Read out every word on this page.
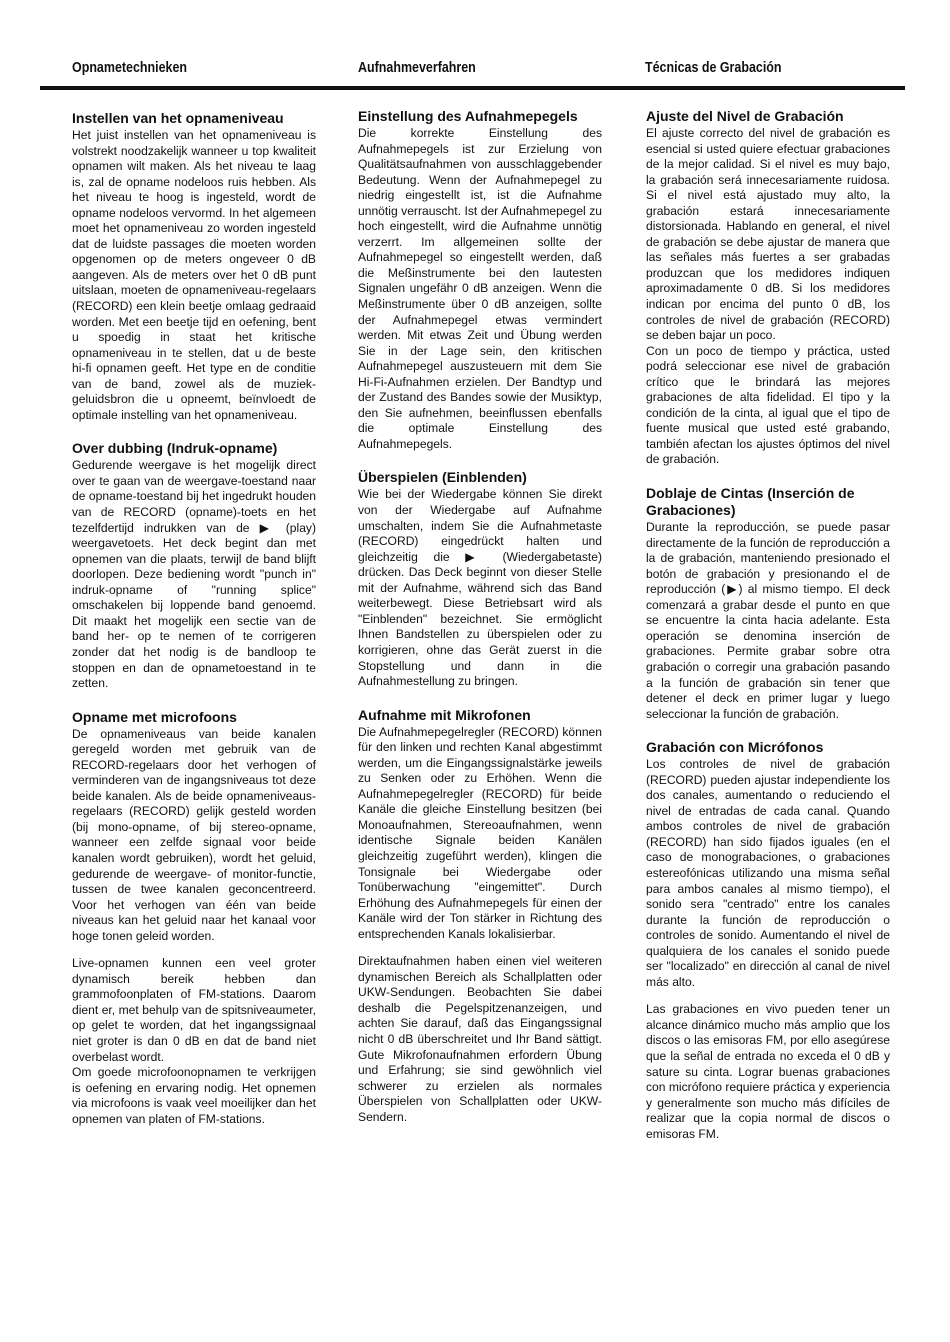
Opnametechnieken	Aufnahmeverfahren	Técnicas de Grabación
Instellen van het opnameniveau

Het juist instellen van het opnameniveau is volstrekt noodzakelijk wanneer u top kwaliteit opnamen wilt maken. Als het niveau te laag is, zal de opname nodeloos ruis hebben. Als het niveau te hoog is ingesteld, wordt de opname nodeloos vervormd. In het algemeen moet het opnameniveau zo worden ingesteld dat de luidste passages die moeten worden opgenomen op de meters ongeveer 0 dB aangeven. Als de meters over het 0 dB punt uitslaan, moeten de opnameniveau-regelaars (RECORD) een klein beetje omlaag gedraaid worden. Met een beetje tijd en oefening, bent u spoedig in staat het kritische opnameniveau in te stellen, dat u de beste hi-fi opnamen geeft. Het type en de conditie van de band, zowel als de muziek-geluidsbron die u opneemt, beïnvloedt de optimale instelling van het opnameniveau.

Over dubbing (Indruk-opname)

Gedurende weergave is het mogelijk direct over te gaan van de weergave-toestand naar de opname-toestand bij het ingedrukt houden van de RECORD (opname)-toets en het tezelfdertijd indrukken van de ▶ (play) weergavetoets. Het deck begint dan met opnemen van die plaats, terwijl de band blijft doorlopen. Deze bediening wordt "punch in" indruk-opname of "running splice" omschakelen bij loppende band genoemd. Dit maakt het mogelijk een sectie van de band her- op te nemen of te corrigeren zonder dat het nodig is de bandloop te stoppen en dan de opnametoestand in te zetten.

Opname met microfoons

De opnameniveaus van beide kanalen geregeld worden met gebruik van de RECORD-regelaars door het verhogen of verminderen van de ingangsniveaus tot deze beide kanalen. Als de beide opnameniveaus-regelaars (RECORD) gelijk gesteld worden (bij mono-opname, of bij stereo-opname, wanneer een zelfde signaal voor beide kanalen wordt gebruiken), wordt het geluid, gedurende de weergave- of monitor-functie, tussen de twee kanalen geconcentreerd. Voor het verhogen van één van beide niveaus kan het geluid naar het kanaal voor hoge tonen geleid worden.

Live-opnamen kunnen een veel groter dynamisch bereik hebben dan grammofoonplaten of FM-stations. Daarom dient er, met behulp van de spitsniveaumeter, op gelet te worden, dat het ingangssignaal niet groter is dan 0 dB en dat de band niet overbelast wordt.

Om goede microfoonopnamen te verkrijgen is oefening en ervaring nodig. Het opnemen via microfoons is vaak veel moeilijker dan het opnemen van platen of FM-stations.

Einstellung des Aufnahmepegels

Die korrekte Einstellung des Aufnahmepegels ist zur Erzielung von Qualitätsaufnahmen von ausschlaggebender Bedeutung. Wenn der Aufnahmepegel zu niedrig eingestellt ist, ist die Aufnahme unnötig verrauscht. Ist der Aufnahmepegel zu hoch eingestellt, wird die Aufnahme unnötig verzerrt. Im allgemeinen sollte der Aufnahmepegel so eingestellt werden, daß die Meßinstrumente bei den lautesten Signalen ungefähr 0 dB anzeigen. Wenn die Meßinstrumente über 0 dB anzeigen, sollte der Aufnahmepegel etwas vermindert werden. Mit etwas Zeit und Übung werden Sie in der Lage sein, den kritischen Aufnahmepegel auszusteuern mit dem Sie Hi-Fi-Aufnahmen erzielen. Der Bandtyp und der Zustand des Bandes sowie der Musiktyp, den Sie aufnehmen, beeinflussen ebenfalls die optimale Einstellung des Aufnahmepegels.

Überspielen (Einblenden)

Wie bei der Wiedergabe können Sie direkt von der Wiedergabe auf Aufnahme umschalten, indem Sie die Aufnahmetaste (RECORD) eingedrückt halten und gleichzeitig die ▶ (Wiedergabetaste) drücken. Das Deck beginnt von dieser Stelle mit der Aufnahme, während sich das Band weiterbewegt. Diese Betriebsart wird als "Einblenden" bezeichnet. Sie ermöglicht Ihnen Bandstellen zu überspielen oder zu korrigieren, ohne das Gerät zuerst in die Stopstellung und dann in die Aufnahmestellung zu bringen.

Aufnahme mit Mikrofonen

Die Aufnahmepegelregler (RECORD) können für den linken und rechten Kanal abgestimmt werden, um die Eingangssignalstärke jeweils zu Senken oder zu Erhöhen. Wenn die Aufnahmepegelregler (RECORD) für beide Kanäle die gleiche Einstellung besitzen (bei Monoaufnahmen, Stereoaufnahmen, wenn identische Signale beiden Kanälen gleichzeitig zugeführt werden), klingen die Tonsignale bei Wiedergabe oder Tonüberwachung "eingemittet". Durch Erhöhung des Aufnahmepegels für einen der Kanäle wird der Ton stärker in Richtung des entsprechenden Kanals lokalisierbar.

Direktaufnahmen haben einen viel weiteren dynamischen Bereich als Schallplatten oder UKW-Sendungen. Beobachten Sie dabei deshalb die Pegelspitzenanzeigen, und achten Sie darauf, daß das Eingangssignal nicht 0 dB überschreitet und Ihr Band sättigt. Gute Mikrofonaufnahmen erfordern Übung und Erfahrung; sie sind gewöhnlich viel schwerer zu erzielen als normales Überspielen von Schallplatten oder UKW-Sendern.

Ajuste del Nivel de Grabación

El ajuste correcto del nivel de grabación es esencial si usted quiere efectuar grabaciones de la mejor calidad. Si el nivel es muy bajo, la grabación será innecesariamente ruidosa. Si el nivel está ajustado muy alto, la grabación estará innecesariamente distorsionada. Hablando en general, el nivel de grabación se debe ajustar de manera que las señales más fuertes a ser grabadas produzcan que los medidores indiquen aproximadamente 0 dB. Si los medidores indican por encima del punto 0 dB, los controles de nivel de grabación (RECORD) se deben bajar un poco.

Con un poco de tiempo y práctica, usted podrá seleccionar ese nivel de grabación crítico que le brindará las mejores grabaciones de alta fidelidad. El tipo y la condición de la cinta, al igual que el tipo de fuente musical que usted esté grabando, también afectan los ajustes óptimos del nivel de grabación.

Doblaje de Cintas (Inserción de Grabaciones)

Durante la reproducción, se puede pasar directamente de la función de reproducción a la de grabación, manteniendo presionado el botón de grabación y presionando el de reproducción (▶) al mismo tiempo. El deck comenzará a grabar desde el punto en que se encuentre la cinta hacia adelante. Esta operación se denomina inserción de grabaciones. Permite grabar sobre otra grabación o corregir una grabación pasando a la función de grabación sin tener que detener el deck en primer lugar y luego seleccionar la función de grabación.

Grabación con Micrófonos

Los controles de nivel de grabación (RECORD) pueden ajustar independiente los dos canales, aumentando o reduciendo el nivel de entradas de cada canal. Quando ambos controles de nivel de grabación (RECORD) han sido fijados iguales (en el caso de monograbaciones, o grabaciones estereofónicas utilizando una misma señal para ambos canales al mismo tiempo), el sonido sera "centrado" entre los canales durante la función de reproducción o controles de sonido. Aumentando el nivel de qualquiera de los canales el sonido puede ser "localizado" en dirección al canal de nivel más alto.

Las grabaciones en vivo pueden tener un alcance dinámico mucho más amplio que los discos o las emisoras FM, por ello asegúrese que la señal de entrada no exceda el 0 dB y sature su cinta. Lograr buenas grabaciones con micrófono requiere práctica y experiencia y generalmente son mucho más difíciles de realizar que la copia normal de discos o emisoras FM.
